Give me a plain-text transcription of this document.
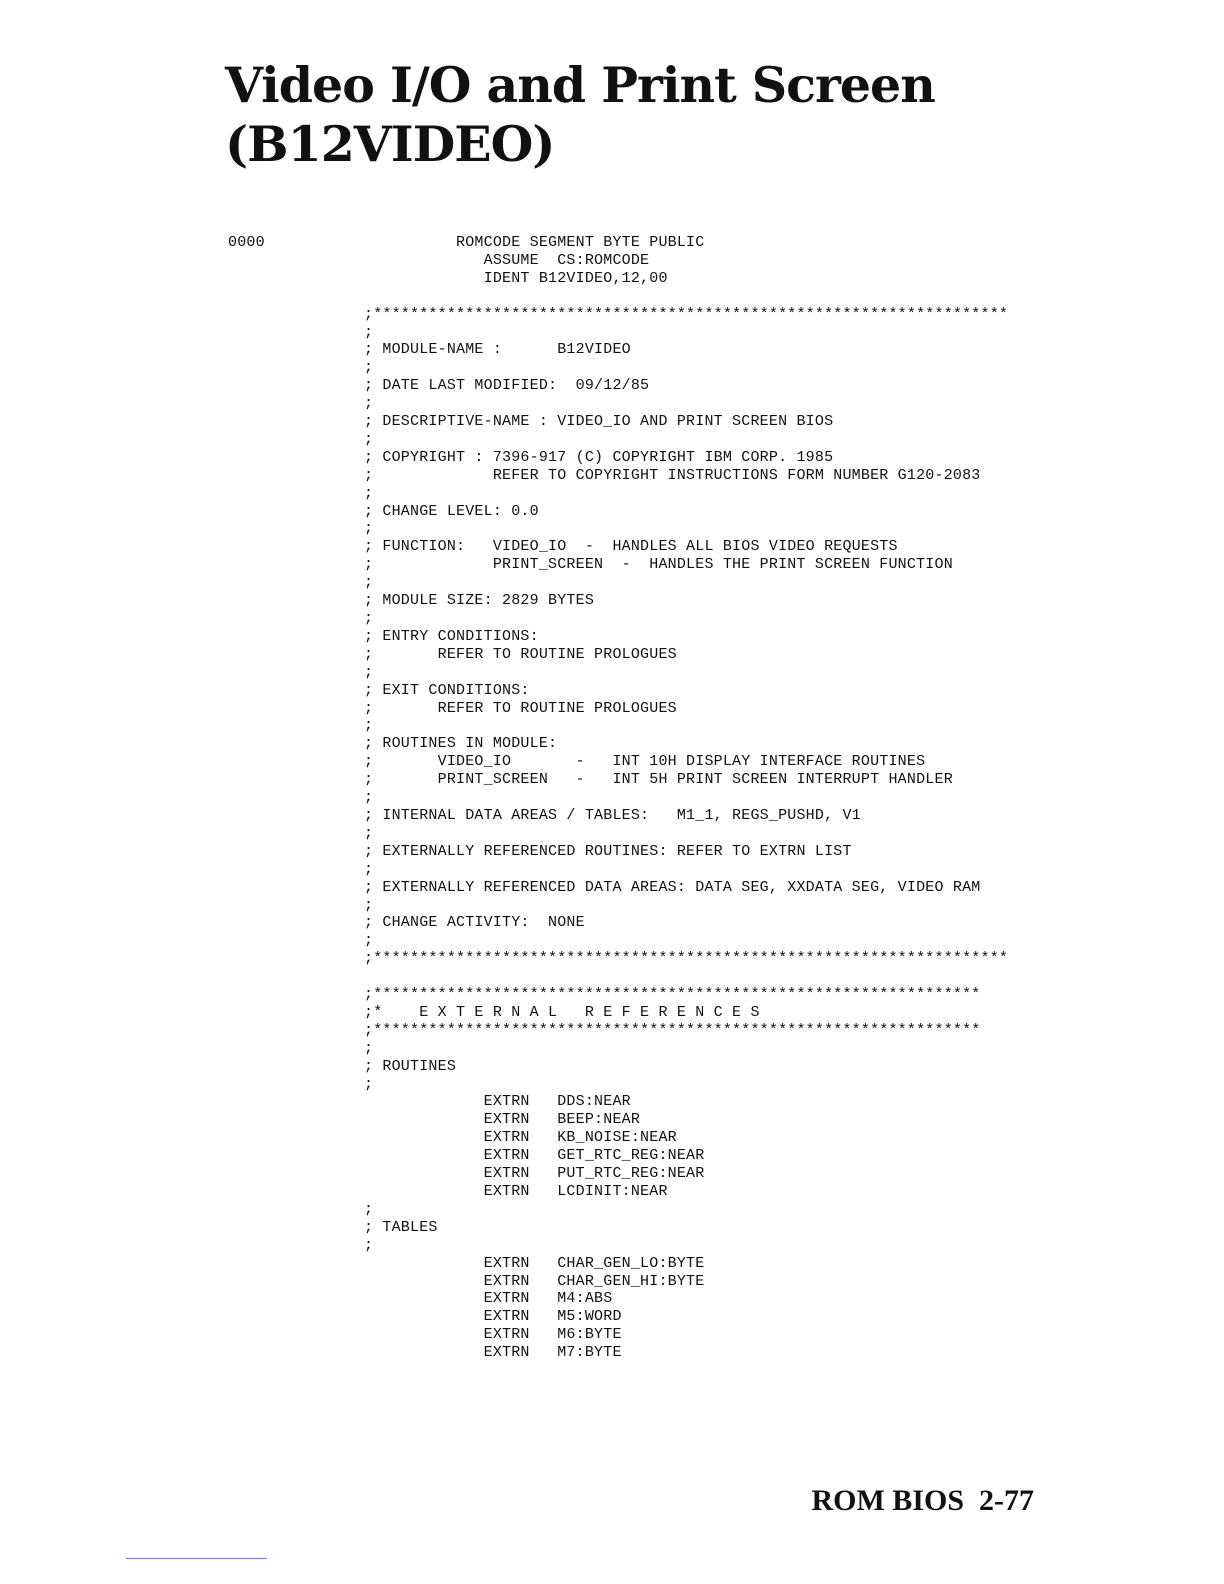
Video I/O and Print Screen
(B12VIDEO)
0000	ROMCODE SEGMENT BYTE PUBLIC
ASSUME  CS:ROMCODE
IDENT B12VIDEO,12,00
;*********************************************************************
;
; MODULE-NAME :      B12VIDEO
;
; DATE LAST MODIFIED:  09/12/85
;
; DESCRIPTIVE-NAME : VIDEO_IO AND PRINT SCREEN BIOS
;
; COPYRIGHT : 7396-917 (C) COPYRIGHT IBM CORP. 1985
;             REFER TO COPYRIGHT INSTRUCTIONS FORM NUMBER G120-2083
;
; CHANGE LEVEL: 0.0
;
; FUNCTION:   VIDEO_IO  -  HANDLES ALL BIOS VIDEO REQUESTS
;             PRINT_SCREEN  -  HANDLES THE PRINT SCREEN FUNCTION
;
; MODULE SIZE: 2829 BYTES
;
; ENTRY CONDITIONS:
;       REFER TO ROUTINE PROLOGUES
;
; EXIT CONDITIONS:
;       REFER TO ROUTINE PROLOGUES
;
; ROUTINES IN MODULE:
;       VIDEO_IO       -   INT 10H DISPLAY INTERFACE ROUTINES
;       PRINT_SCREEN   -   INT 5H PRINT SCREEN INTERRUPT HANDLER
;
; INTERNAL DATA AREAS / TABLES:   M1_1, REGS_PUSHD, V1
;
; EXTERNALLY REFERENCED ROUTINES: REFER TO EXTRN LIST
;
; EXTERNALLY REFERENCED DATA AREAS: DATA SEG, XXDATA SEG, VIDEO RAM
;
; CHANGE ACTIVITY:  NONE
;
;*********************************************************************
;******************************************************************
;*    E X T E R N A L   R E F E R E N C E S
;******************************************************************
;
; ROUTINES
;
EXTRN   DDS:NEAR
EXTRN   BEEP:NEAR
EXTRN   KB_NOISE:NEAR
EXTRN   GET_RTC_REG:NEAR
EXTRN   PUT_RTC_REG:NEAR
EXTRN   LCDINIT:NEAR
;
; TABLES
;
EXTRN   CHAR_GEN_LO:BYTE
EXTRN   CHAR_GEN_HI:BYTE
EXTRN   M4:ABS
EXTRN   M5:WORD
EXTRN   M6:BYTE
EXTRN   M7:BYTE
ROM BIOS  2-77
